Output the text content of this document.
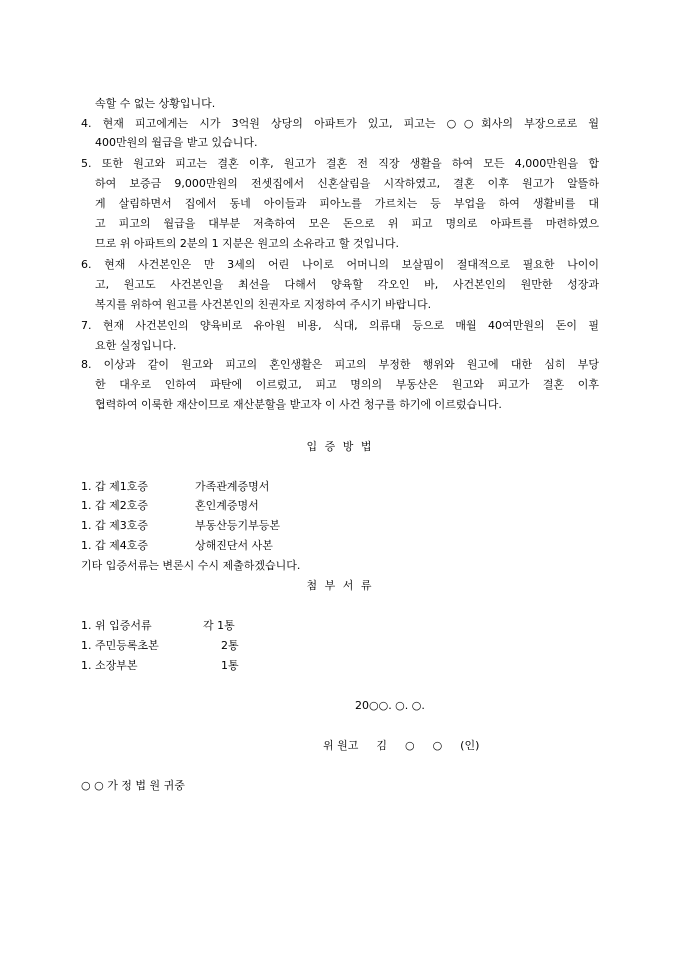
속할 수 없는 상황입니다.
4. 현재 피고에게는 시가 3억원 상당의 아파트가 있고, 피고는 ○○회사의 부장으로로 월
400만원의 월급을 받고 있습니다.
5. 또한 원고와 피고는 결혼 이후, 원고가 결혼 전 직장 생활을 하여 모든 4,000만원을 합
하여 보증금 9,000만원의 전셋집에서 신혼살림을 시작하였고, 결혼 이후 원고가 알뜰하
게 살림하면서 집에서 동네 아이들과 피아노를 가르치는 등 부업을 하여 생활비를 대
고 피고의 월급을 대부분 저축하여 모은 돈으로 위 피고 명의로 아파트를 마련하였으
므로 위 아파트의 2분의 1 지분은 원고의 소유라고 할 것입니다.
6. 현재 사건본인은 만 3세의 어린 나이로 어머니의 보살핌이 절대적으로 필요한 나이이
고, 원고도 사건본인을 최선을 다해서 양육할 각오인 바, 사건본인의 원만한 성장과
복지를 위하여 원고를 사건본인의 친권자로 지정하여 주시기 바랍니다.
7. 현재 사건본인의 양육비로 유아원 비용, 식대, 의류대 등으로 매월 40여만원의 돈이 필
요한 실정입니다.
8. 이상과 같이 원고와 피고의 혼인생활은 피고의 부정한 행위와 원고에 대한 심히 부당
한 대우로 인하여 파탄에 이르렀고, 피고 명의의 부동산은 원고와 피고가 결혼 이후
협력하여 이룩한 재산이므로 재산분할을 받고자 이 사건 청구를 하기에 이르렀습니다.
입 증 방 법
1. 갑 제1호증	가족관계증명서
1. 갑 제2호증	혼인계증명서
1. 갑 제3호증	부동산등기부등본
1. 갑 제4호증	상해진단서 사본
기타 입증서류는 변론시 수시 제출하겠습니다.
첨 부 서 류
1. 위 입증서류	각 1통
1. 주민등록초본	2통
1. 소장부본	1통
20○○. ○. ○.
위 원고 　 김 　 ○ 　 ○ 　 (인)
○ ○ 가 정 법 원 귀중
